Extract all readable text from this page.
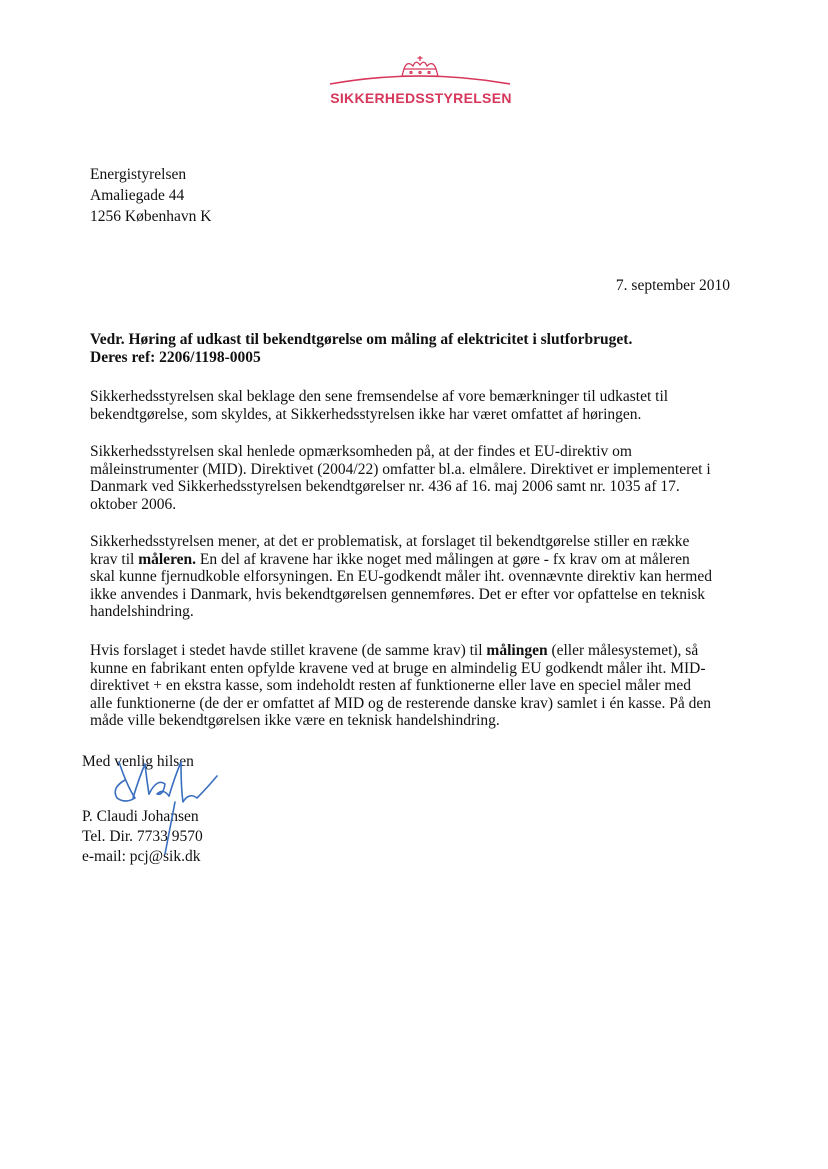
SIKKERHEDSSTYRELSEN
Energistyrelsen
Amaliegade 44
1256 København K
7. september 2010
Vedr. Høring af udkast til bekendtgørelse om måling af elektricitet i slutforbruget.
Deres ref: 2206/1198-0005
Sikkerhedsstyrelsen skal beklage den sene fremsendelse af vore bemærkninger til udkastet til
bekendtgørelse, som skyldes, at Sikkerhedsstyrelsen ikke har været omfattet af høringen.
Sikkerhedsstyrelsen skal henlede opmærksomheden på, at der findes et EU-direktiv om
måleinstrumenter (MID). Direktivet (2004/22) omfatter bl.a. elmålere. Direktivet er implementeret i
Danmark ved Sikkerhedsstyrelsen bekendtgørelser nr. 436 af 16. maj 2006 samt nr. 1035 af 17.
oktober 2006.
Sikkerhedsstyrelsen mener, at det er problematisk, at forslaget til bekendtgørelse stiller en række
krav til måleren. En del af kravene har ikke noget med målingen at gøre - fx krav om at måleren
skal kunne fjernudkoble elforsyningen. En EU-godkendt måler iht. ovennævnte direktiv kan hermed
ikke anvendes i Danmark, hvis bekendtgørelsen gennemføres. Det er efter vor opfattelse en teknisk
handelshindring.
Hvis forslaget i stedet havde stillet kravene (de samme krav) til målingen (eller målesystemet), så
kunne en fabrikant enten opfylde kravene ved at bruge en almindelig EU godkendt måler iht. MID-
direktivet + en ekstra kasse, som indeholdt resten af funktionerne eller lave en speciel måler med
alle funktionerne (de der er omfattet af MID og de resterende danske krav) samlet i én kasse. På den
måde ville bekendtgørelsen ikke være en teknisk handelshindring.
Med venlig hilsen
P. Claudi Johansen
Tel. Dir. 7733 9570
e-mail: pcj@sik.dk
